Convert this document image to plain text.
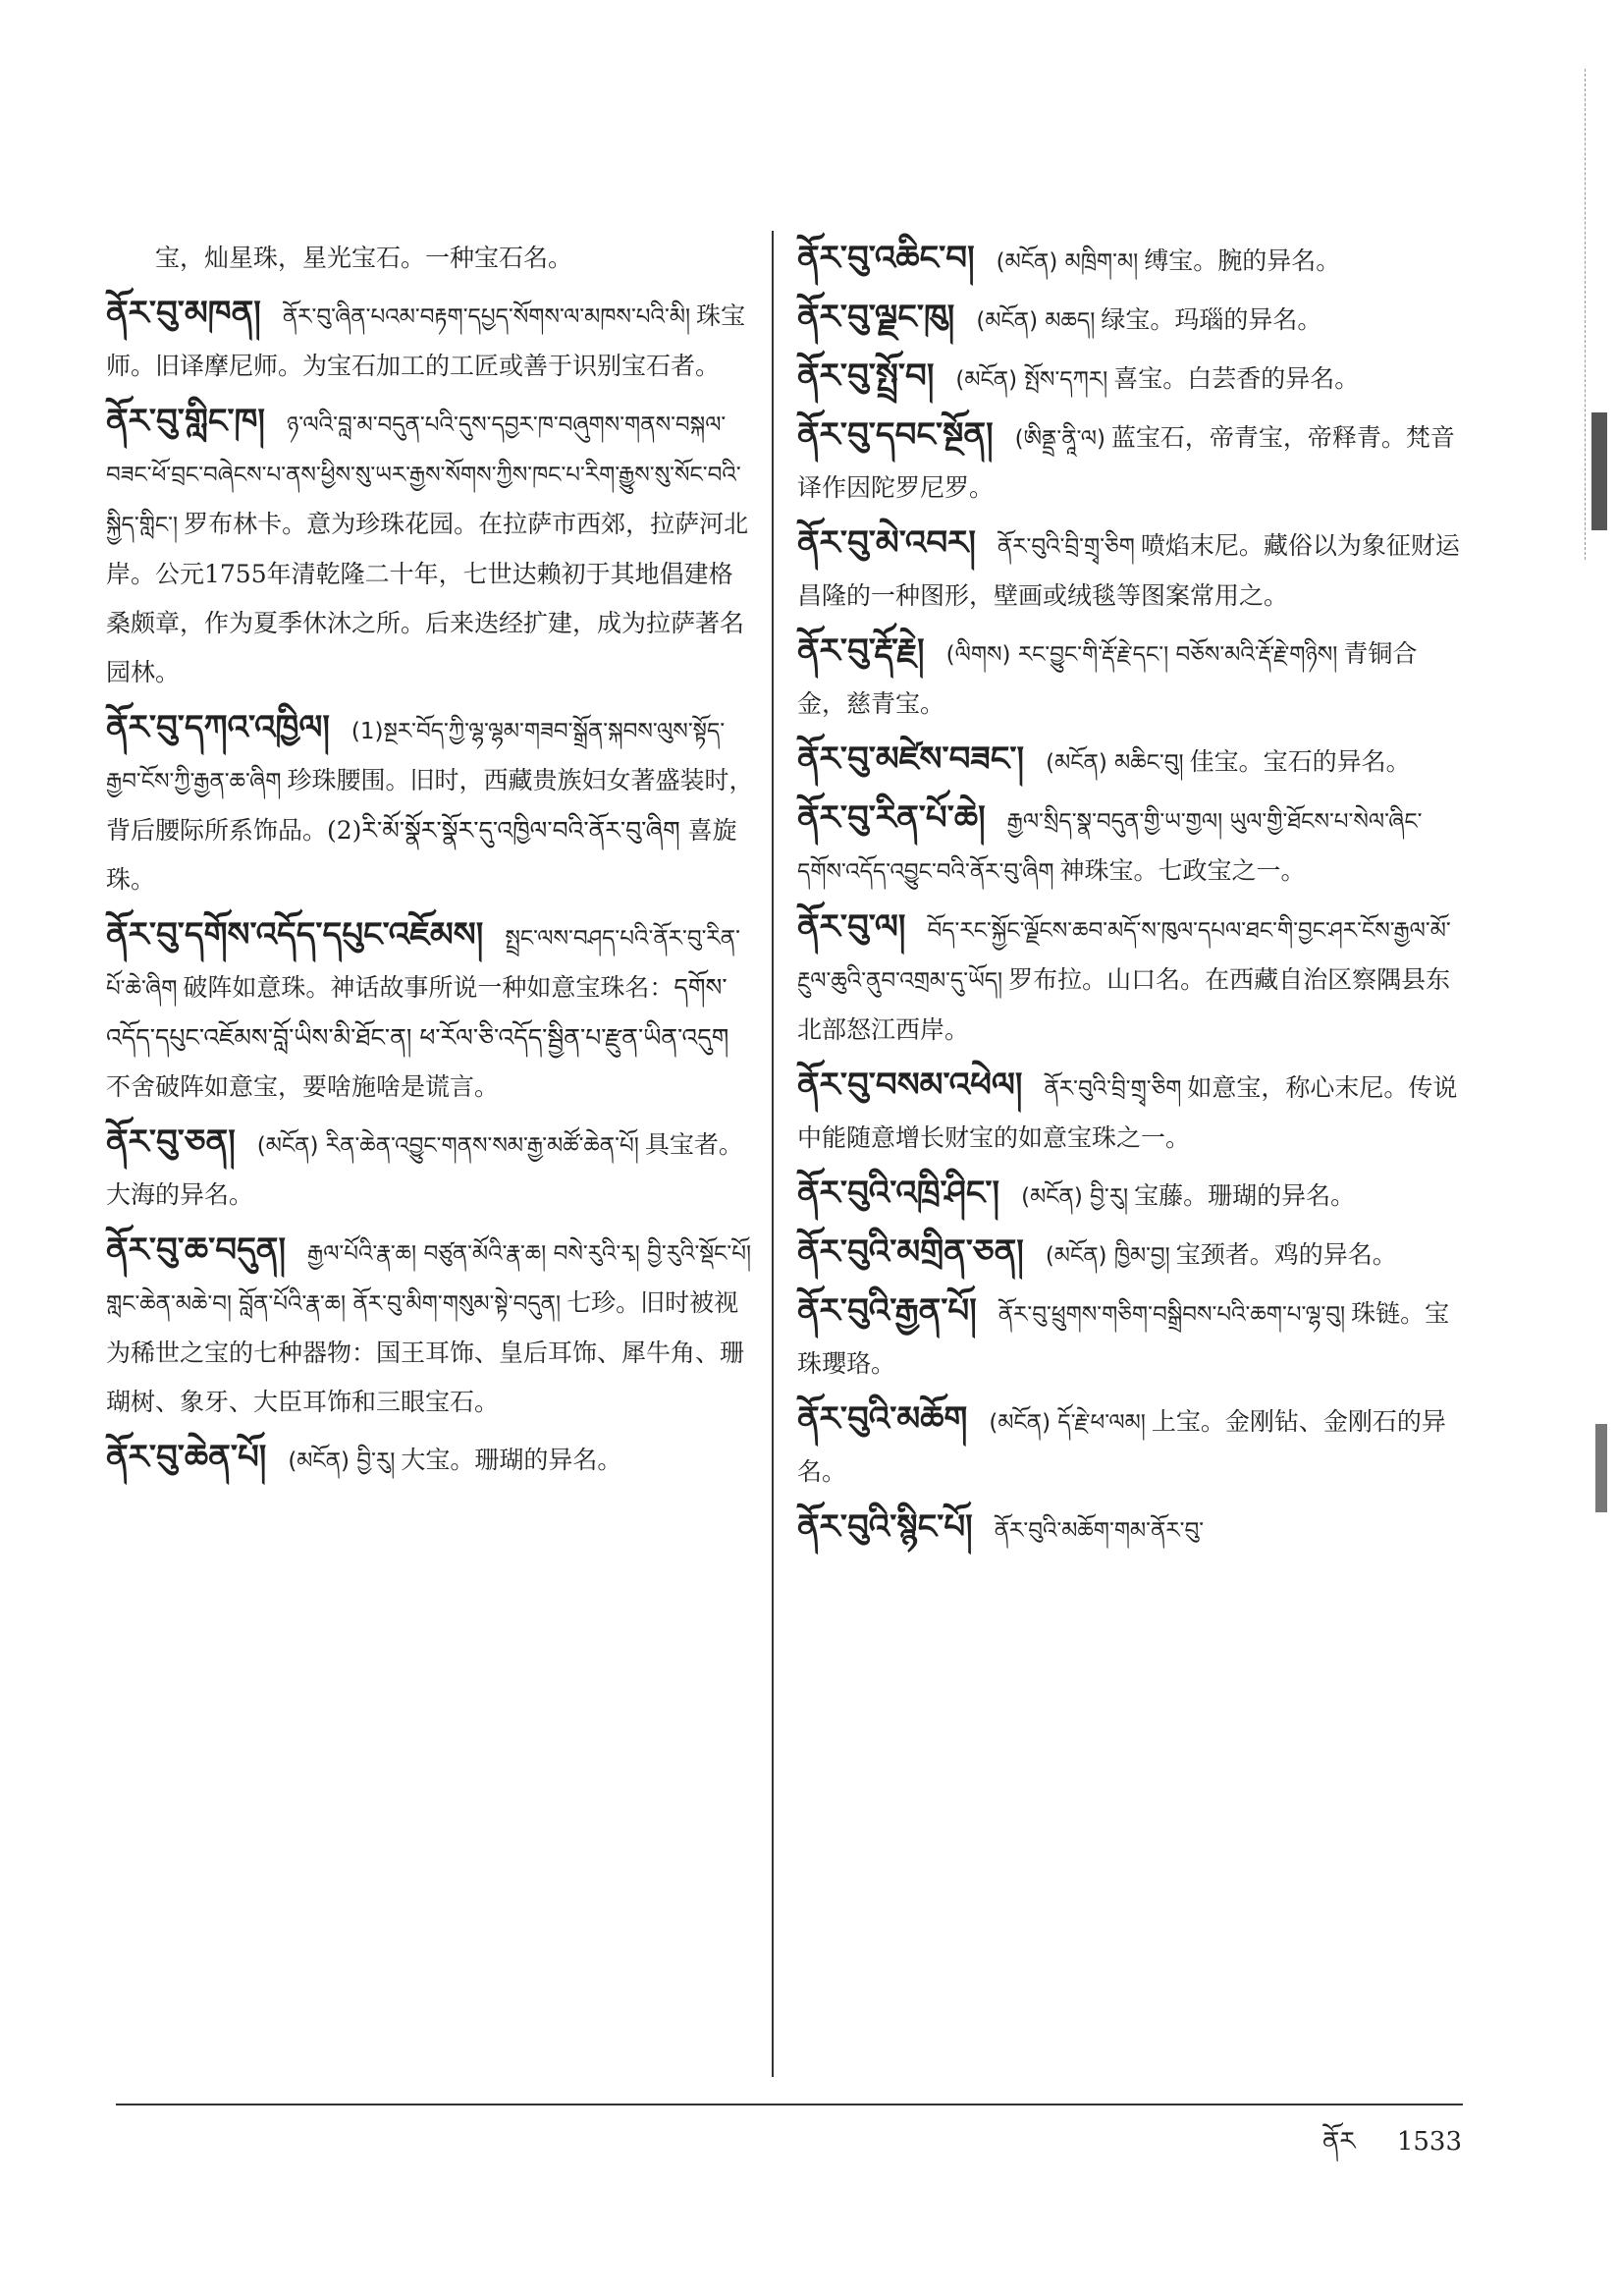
宝，灿星珠，星光宝石。一种宝石名。
ནོར་བུ་མཁན། ནོར་བུ་ཞིན་པའམ་བརྟག་དཔྱད་སོགས་ལ་མཁས་པའི་མི། 珠宝师。旧译摩尼师。为宝石加工的工匠或善于识别宝石者。
ནོར་བུ་གླིང་ཁ། ཉ་ལའི་བླ་མ་བདུན་པའི་དུས་དབྱར་ཁ་བཞུགས་གནས་བསྐལ་བཟང་ཕོ་བྲང་བཞེངས་པ་ནས་ཕྱིས་སུ་ཡར་རྒྱས་སོགས་ཀྱིས་ཁང་པ་རིག་རྒྱུས་སུ་སོང་བའི་སྐྱིད་གླིང་། 罗布林卡。意为珍珠花园。在拉萨市西郊，拉萨河北岸。公元1755年清乾隆二十年，七世达赖初于其地倡建格桑颇章，作为夏季休沐之所。后来迭经扩建，成为拉萨著名园林。
ནོར་བུ་དཀའ་འཁྱིལ། (1)སྔར་བོད་ཀྱི་ལྷ་ལྷམ་གཟབ་སྒྲོན་སྐབས་ལུས་སྟོད་རྒྱབ་ངོས་ཀྱི་རྒྱན་ཆ་ཞིག 珍珠腰围。旧时，西藏贵族妇女著盛装时，背后腰际所系饰品。(2)རི་མོ་སྣོར་སྣོར་དུ་འཁྱིལ་བའི་ནོར་བུ་ཞིག 喜旋珠。
ནོར་བུ་དགོས་འདོད་དཔུང་འཇོམས། སྤྲང་ལས་བཤད་པའི་ནོར་བུ་རིན་པོ་ཆེ་ཞིག 破阵如意珠。神话故事所说一种如意宝珠名：དགོས་འདོད་དཔུང་འཇོམས་བློ་ཡིས་མི་ཐོང་ན། ཕ་རོལ་ཅི་འདོད་སྦྱིན་པ་རྫུན་ཡིན་འདུག 不舍破阵如意宝，要啥施啥是谎言。
ནོར་བུ་ཅན། (མངོན) རིན་ཆེན་འབྱུང་གནས་སམ་རྒྱ་མཚོ་ཆེན་པོ། 具宝者。大海的异名。
ནོར་བུ་ཆ་བདུན། རྒྱལ་པོའི་རྣ་ཆ། བཙུན་མོའི་རྣ་ཆ། བསེ་རུའི་རྭ། བྱི་རུའི་སྡོང་པོ། གླང་ཆེན་མཆེ་བ། བློན་པོའི་རྣ་ཆ། ནོར་བུ་མིག་གསུམ་སྟེ་བདུན། 七珍。旧时被视为稀世之宝的七种器物：国王耳饰、皇后耳饰、犀牛角、珊瑚树、象牙、大臣耳饰和三眼宝石。
ནོར་བུ་ཆེན་པོ། (མངོན) བྱི་རུ། 大宝。珊瑚的异名。
ནོར་བུ་འཆིང་བ། (མངོན) མཁྲིག་མ། 缚宝。腕的异名。
ནོར་བུ་ལྗང་ཁུ། (མངོན) མཆད། 绿宝。玛瑙的异名。
ནོར་བུ་སྤྲོ་བ། (མངོན) སྤོས་དཀར། 喜宝。白芸香的异名。
ནོར་བུ་དབང་སྔོན། (ཨིནྡྲ་ནཱི་ལ) 蓝宝石，帝青宝，帝释青。梵音译作因陀罗尼罗。
ནོར་བུ་མེ་འབར། ནོར་བུའི་བྲི་གྲྭ་ཅིག 喷焰末尼。藏俗以为象征财运昌隆的一种图形，壁画或绒毯等图案常用之。
ནོར་བུ་རྡོ་རྗེ། (ལིགས) རང་བྱུང་གི་རྡོ་རྗེ་དང་། བཅོས་མའི་རྡོ་རྗེ་གཉིས། 青铜合金，慈青宝。
ནོར་བུ་མཛེས་བཟང་། (མངོན) མཆིང་བུ། 佳宝。宝石的异名。
ནོར་བུ་རིན་པོ་ཆེ། རྒྱལ་སྲིད་སྣ་བདུན་གྱི་ཡ་གྱལ། ཡུལ་གྱི་ཐོངས་པ་སེལ་ཞིང་དགོས་འདོད་འབྱུང་བའི་ནོར་བུ་ཞིག 神珠宝。七政宝之一。
ནོར་བུ་ལ། བོད་རང་སྐྱོང་ལྗོངས་ཆབ་མདོ་ས་ཁུལ་དཔལ་ཐང་གི་བྱང་ཤར་ངོས་རྒྱལ་མོ་རྔུལ་ཆུའི་ནུབ་འགྲམ་དུ་ཡོད། 罗布拉。山口名。在西藏自治区察隅县东北部怒江西岸。
ནོར་བུ་བསམ་འཕེལ། ནོར་བུའི་བྲི་གྲྭ་ཅིག 如意宝，称心末尼。传说中能随意增长财宝的如意宝珠之一。
ནོར་བུའི་འཁྲི་ཤིང་། (མངོན) བྱི་རུ། 宝藤。珊瑚的异名。
ནོར་བུའི་མགྲིན་ཅན། (མངོན) ཁྱིམ་བྱ། 宝颈者。鸡的异名。
ནོར་བུའི་རྒྱན་པོ། ནོར་བུ་ཕྲུགས་གཅིག་བསྒྲིབས་པའི་ཆག་པ་ལྷ་བུ། 珠链。宝珠瓔珞。
ནོར་བུའི་མཆོག (མངོན) དོ་རྗེ་ཕ་ལམ། 上宝。金刚钻、金刚石的异名。
ནོར་བུའི་སྙིང་པོ། ནོར་བུའི་མཆོག་གམ་ནོར་བུ་
ནོར 1533
